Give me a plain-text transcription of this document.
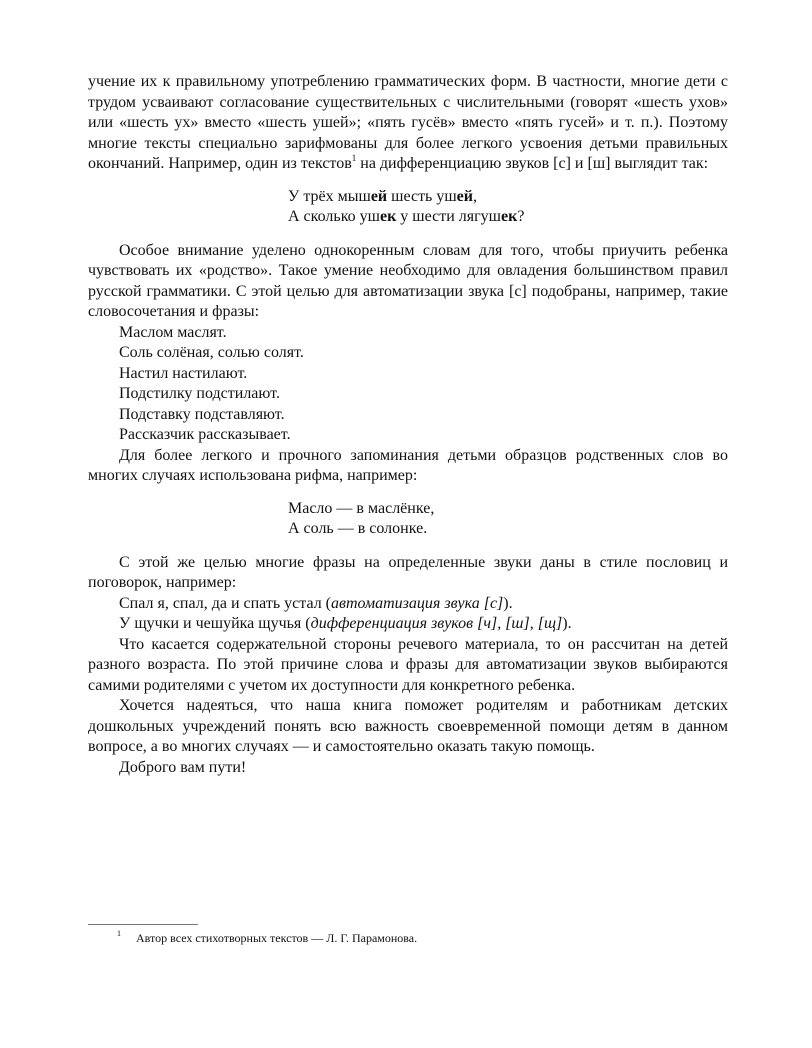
учение их к правильному употреблению грамматических форм. В частности, многие дети с трудом усваивают согласование существительных с числительными (говорят «шесть ухов» или «шесть ух» вместо «шесть ушей»; «пять гусёв» вместо «пять гусей» и т. п.). Поэтому многие тексты специально зарифмованы для более легкого усвоения детьми правильных окончаний. Например, один из текстов$^1$ на дифференциацию звуков [с] и [ш] выглядит так:

У трёх мышей шесть ушей,
А сколько ушек у шести лягушек?

Особое внимание уделено однокоренным словам для того, чтобы приучить ребенка чувствовать их «родство». Такое умение необходимо для овладения большинством правил русской грамматики. С этой целью для автоматизации звука [с] подобраны, например, такие словосочетания и фразы:

Маслом маслят.
Соль солёная, солью солят.
Настил настилают.
Подстилку подстилают.
Подставку подставляют.
Рассказчик рассказывает.

Для более легкого и прочного запоминания детьми образцов родственных слов во многих случаях использована рифма, например:

Масло — в маслёнке,
А соль — в солонке.

С этой же целью многие фразы на определенные звуки даны в стиле пословиц и поговорок, например:

Спал я, спал, да и спать устал (автоматизация звука [с]).
У щучки и чешуйка щучья (дифференциация звуков [ч], [ш], [щ]).

Что касается содержательной стороны речевого материала, то он рассчитан на детей разного возраста. По этой причине слова и фразы для автоматизации звуков выбираются самими родителями с учетом их доступности для конкретного ребенка.

Хочется надеяться, что наша книга поможет родителям и работникам детских дошкольных учреждений понять всю важность своевременной помощи детям в данном вопросе, а во многих случаях — и самостоятельно оказать такую помощь.

Доброго вам пути!

$^1$ Автор всех стихотворных текстов — Л. Г. Парамонова.
